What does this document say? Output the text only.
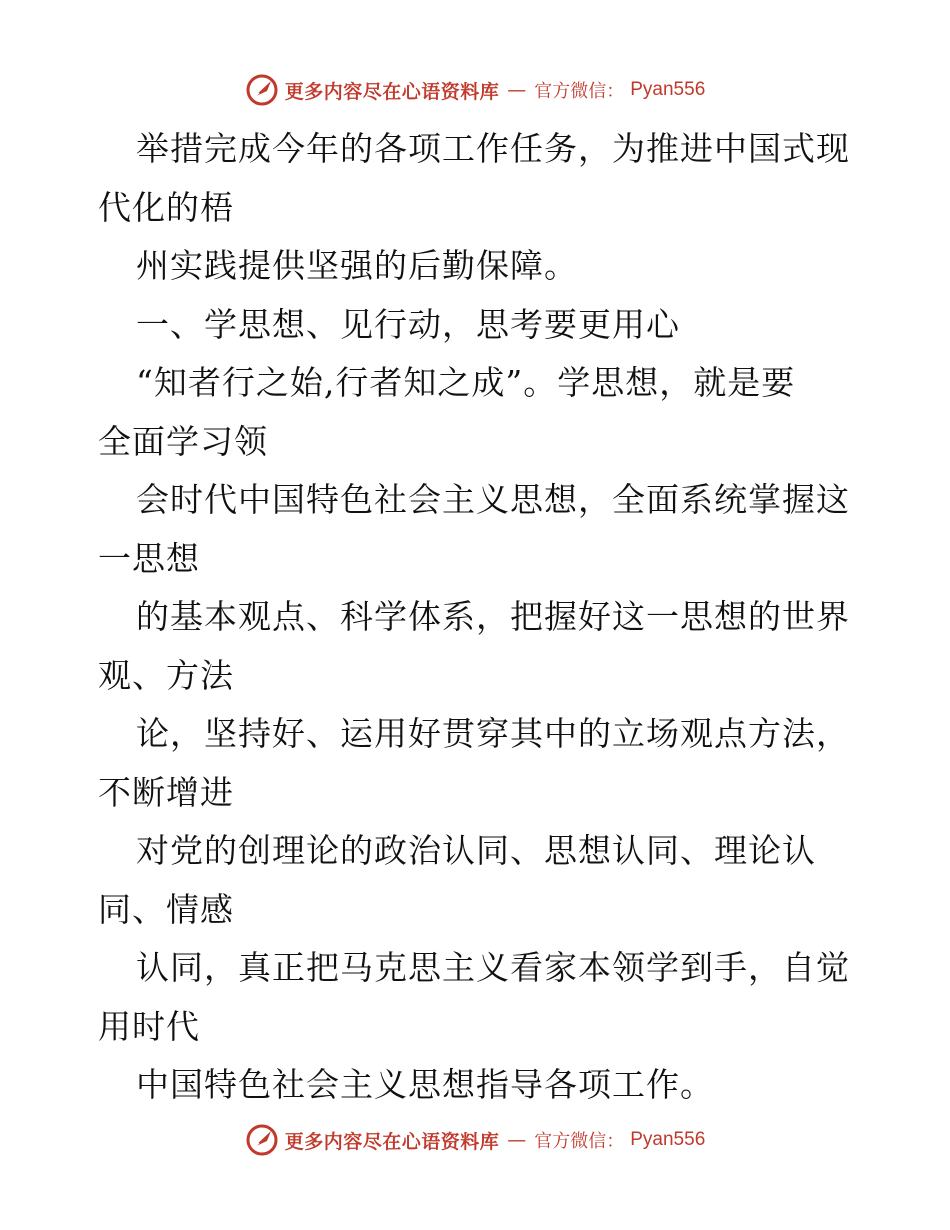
更多内容尽在心语资料库 — 官方微信： Pyan556
举措完成今年的各项工作任务，为推进中国式现
代化的梧
州实践提供坚强的后勤保障。
一、学思想、见行动，思考要更用心
“知者行之始,行者知之成”。学思想，就是要
全面学习领
会时代中国特色社会主义思想，全面系统掌握这
一思想
的基本观点、科学体系，把握好这一思想的世界
观、方法
论，坚持好、运用好贯穿其中的立场观点方法，
不断增进
对党的创理论的政治认同、思想认同、理论认
同、情感
认同，真正把马克思主义看家本领学到手，自觉
用时代
中国特色社会主义思想指导各项工作。
更多内容尽在心语资料库 — 官方微信： Pyan556
